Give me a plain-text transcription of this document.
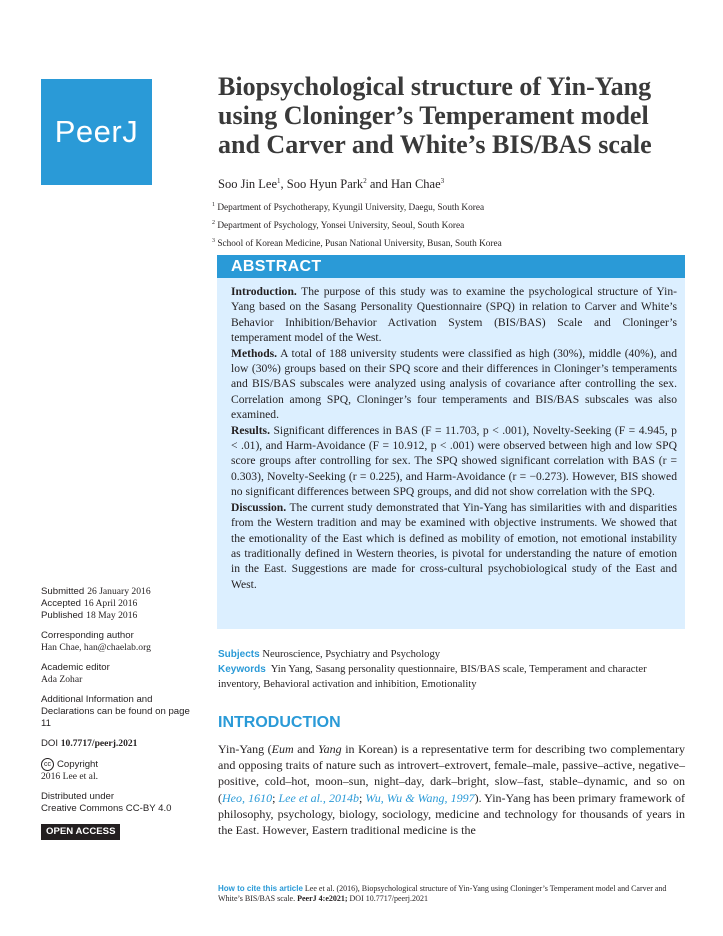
PeerJ
Biopsychological structure of Yin-Yang using Cloninger’s Temperament model and Carver and White’s BIS/BAS scale
Soo Jin Lee$^1$, Soo Hyun Park$^2$ and Han Chae$^3$
$^1$ Department of Psychotherapy, Kyungil University, Daegu, South Korea
$^2$ Department of Psychology, Yonsei University, Seoul, South Korea
$^3$ School of Korean Medicine, Pusan National University, Busan, South Korea
ABSTRACT

Introduction. The purpose of this study was to examine the psychological structure of Yin-Yang based on the Sasang Personality Questionnaire (SPQ) in relation to Carver and White’s Behavior Inhibition/Behavior Activation System (BIS/BAS) Scale and Cloninger’s temperament model of the West.

Methods. A total of 188 university students were classified as high (30%), middle (40%), and low (30%) groups based on their SPQ score and their differences in Cloninger’s temperaments and BIS/BAS subscales were analyzed using analysis of covariance after controlling the sex. Correlation among SPQ, Cloninger’s four temperaments and BIS/BAS subscales was also examined.

Results. Significant differences in BAS (F = 11.703, p < .001), Novelty-Seeking (F = 4.945, p < .01), and Harm-Avoidance (F = 10.912, p < .001) were observed between high and low SPQ score groups after controlling for sex. The SPQ showed significant correlation with BAS (r = 0.303), Novelty-Seeking (r = 0.225), and Harm-Avoidance (r = −0.273). However, BIS showed no significant differences between SPQ groups, and did not show correlation with the SPQ.

Discussion. The current study demonstrated that Yin-Yang has similarities with and disparities from the Western tradition and may be examined with objective instruments. We showed that the emotionality of the East which is defined as mobility of emotion, not emotional instability as traditionally defined in Western theories, is pivotal for understanding the nature of emotion in the East. Suggestions are made for cross-cultural psychobiological study of the East and West.

Submitted 26 January 2016
Accepted 16 April 2016
Published 18 May 2016
Corresponding author
Han Chae, han@chaelab.org
Academic editor
Ada Zohar
Additional Information and Declarations can be found on page 11
DOI 10.7717/peerj.2021
cc Copyright
2016 Lee et al.
Distributed under
Creative Commons CC-BY 4.0
OPEN ACCESS
Subjects Neuroscience, Psychiatry and Psychology
Keywords Yin Yang, Sasang personality questionnaire, BIS/BAS scale, Temperament and character inventory, Behavioral activation and inhibition, Emotionality
INTRODUCTION

Yin-Yang (Eum and Yang in Korean) is a representative term for describing two complementary and opposing traits of nature such as introvert–extrovert, female–male, passive–active, negative–positive, cold–hot, moon–sun, night–day, dark–bright, slow–fast, stable–dynamic, and so on (Heo, 1610; Lee et al., 2014b; Wu, Wu & Wang, 1997). Yin-Yang has been primary framework of philosophy, psychology, biology, sociology, medicine and technology for thousands of years in the East. However, Eastern traditional medicine is the

How to cite this article Lee et al. (2016), Biopsychological structure of Yin-Yang using Cloninger’s Temperament model and Carver and White’s BIS/BAS scale. PeerJ 4:e2021; DOI 10.7717/peerj.2021
